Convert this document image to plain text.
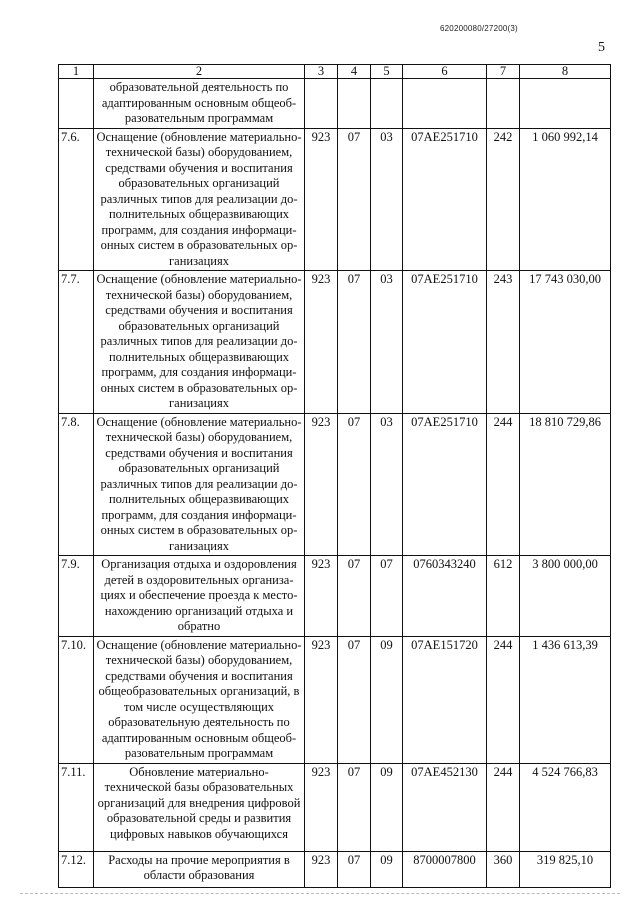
620200080/27200(3)
5
1	2	3	4	5	6	7	8
	образовательной деятельность по адаптированным основным общеобразовательным программам						
7.6.	Оснащение (обновление материально-технической базы) оборудованием, средствами обучения и воспитания образовательных организаций различных типов для реализации дополнительных общеразвивающих программ, для создания информационных систем в образовательных организациях	923	07	03	07АЕ251710	242	1 060 992,14
7.7.	Оснащение (обновление материально-технической базы) оборудованием, средствами обучения и воспитания образовательных организаций различных типов для реализации дополнительных общеразвивающих программ, для создания информационных систем в образовательных организациях	923	07	03	07АЕ251710	243	17 743 030,00
7.8.	Оснащение (обновление материально-технической базы) оборудованием, средствами обучения и воспитания образовательных организаций различных типов для реализации дополнительных общеразвивающих программ, для создания информационных систем в образовательных организациях	923	07	03	07АЕ251710	244	18 810 729,86
7.9.	Организация отдыха и оздоровления детей в оздоровительных организациях и обеспечение проезда к местонахождению организаций отдыха и обратно	923	07	07	0760343240	612	3 800 000,00
7.10.	Оснащение (обновление материально-технической базы) оборудованием, средствами обучения и воспитания общеобразовательных организаций, в том числе осуществляющих образовательную деятельность по адаптированным основным общеобразовательным программам	923	07	09	07АЕ151720	244	1 436 613,39
7.11.	Обновление материально-технической базы образовательных организаций для внедрения цифровой образовательной среды и развития цифровых навыков обучающихся	923	07	09	07АЕ452130	244	4 524 766,83
7.12.	Расходы на прочие мероприятия в области образования	923	07	09	8700007800	360	319 825,10
